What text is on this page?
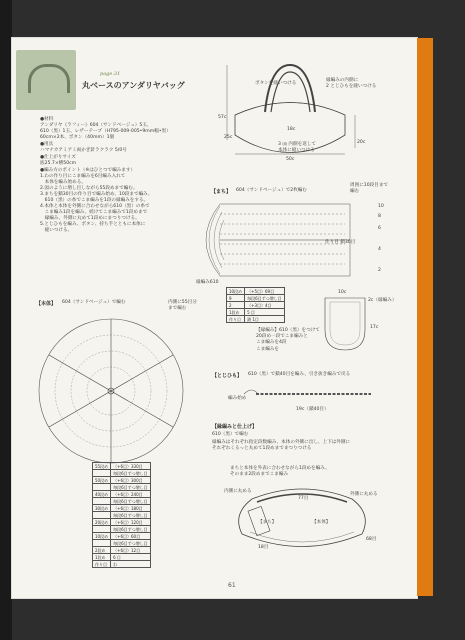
page.31
丸ベースのアンダリヤバッグ
●材料
アンダリヤ《ラフィー》604（サンドベージュ）5玉、
610（黒）1玉、レザーテープ（H795-009-005•9mm幅•黒）
60cm×2本、ボタン（40mm）1個
●用具
ハマナカアミアミ両かぎ針ラクラク 5/0号
●仕上がりサイズ
底25.7×横50cm
●編み方のポイント（※はひとつで編みます）
1.わの作り目にこま編みを6目編み入れて
　本体を編み始める。
2.図のように増し目しながら55段めまで編む。
3.まちを鎖30目の作り目で編み始め、10段まで編み、
　610（黒）の糸でこま編みを1段の縁編みをする。
4.本体と本体を外側に合わせながら610（黒）の糸で
　こま編み1段を編み、続けてこま編みで1段めまで
　縁編み、外側に丸めて1段めにまつりつける。
5.とじひもを編み、ボタン、持ち手とともに本体に
　縫いつける。
ボタンを縫いつける
縁編みの内側に
2 とじひもを縫いつける
18c
57c
25c
20c
50c
3 ㎝ 内側を返して
本体に縫いつける
【まち】 604（サンドベージュ）で2枚編む
周囲に10段目まで
編む
10
8
6
4
2
作り目 鎖30目
縁編み610
10段め	（+5目）69目
9	毎段6目ずつ増し目
2	（+3目）4目
1段め	5 目
作り目	鎖 1目
10c
2c（縁編み）
17c
【縁編み】610（黒）をつけて
20段め一段でこま編みと
こま編みを4段
こま編みを
【本体】 604（サンドベージュ）で編む	内側に55目分
まで編む
55段め	（+6目）330目
	毎段6目ずつ増し目
50段め	（+6目）300目
	毎段6目ずつ増し目
40段め	（+6目）240目
	毎段6目ずつ増し目
30段め	（+6目）180目
	毎段6目ずつ増し目
20段め	（+6目）120目
	毎段6目ずつ増し目
10段め	（+6目）60目
	毎段6目ずつ増し目
2段め	（+6目）12目
1段め	6 目
作り目	わ
【とじひも】 610（黒）で鎖40目を編み、引き抜き編みで戻る
編み始め
19c（鎖40目）
【縁編みと仕上げ】
610（黒）で編む
縁編みはそれぞれ指定段数編み、本体の外側に出し、上下は外側に
それぞれくるっと丸めて1段めまでまつりつける
まちと本体を外表に合わせながら1段めを編み、
そのまま2段めまでこま編み
内側に丸める
外側に丸める
77目
【本体】
【まち】
68目
18目
61
